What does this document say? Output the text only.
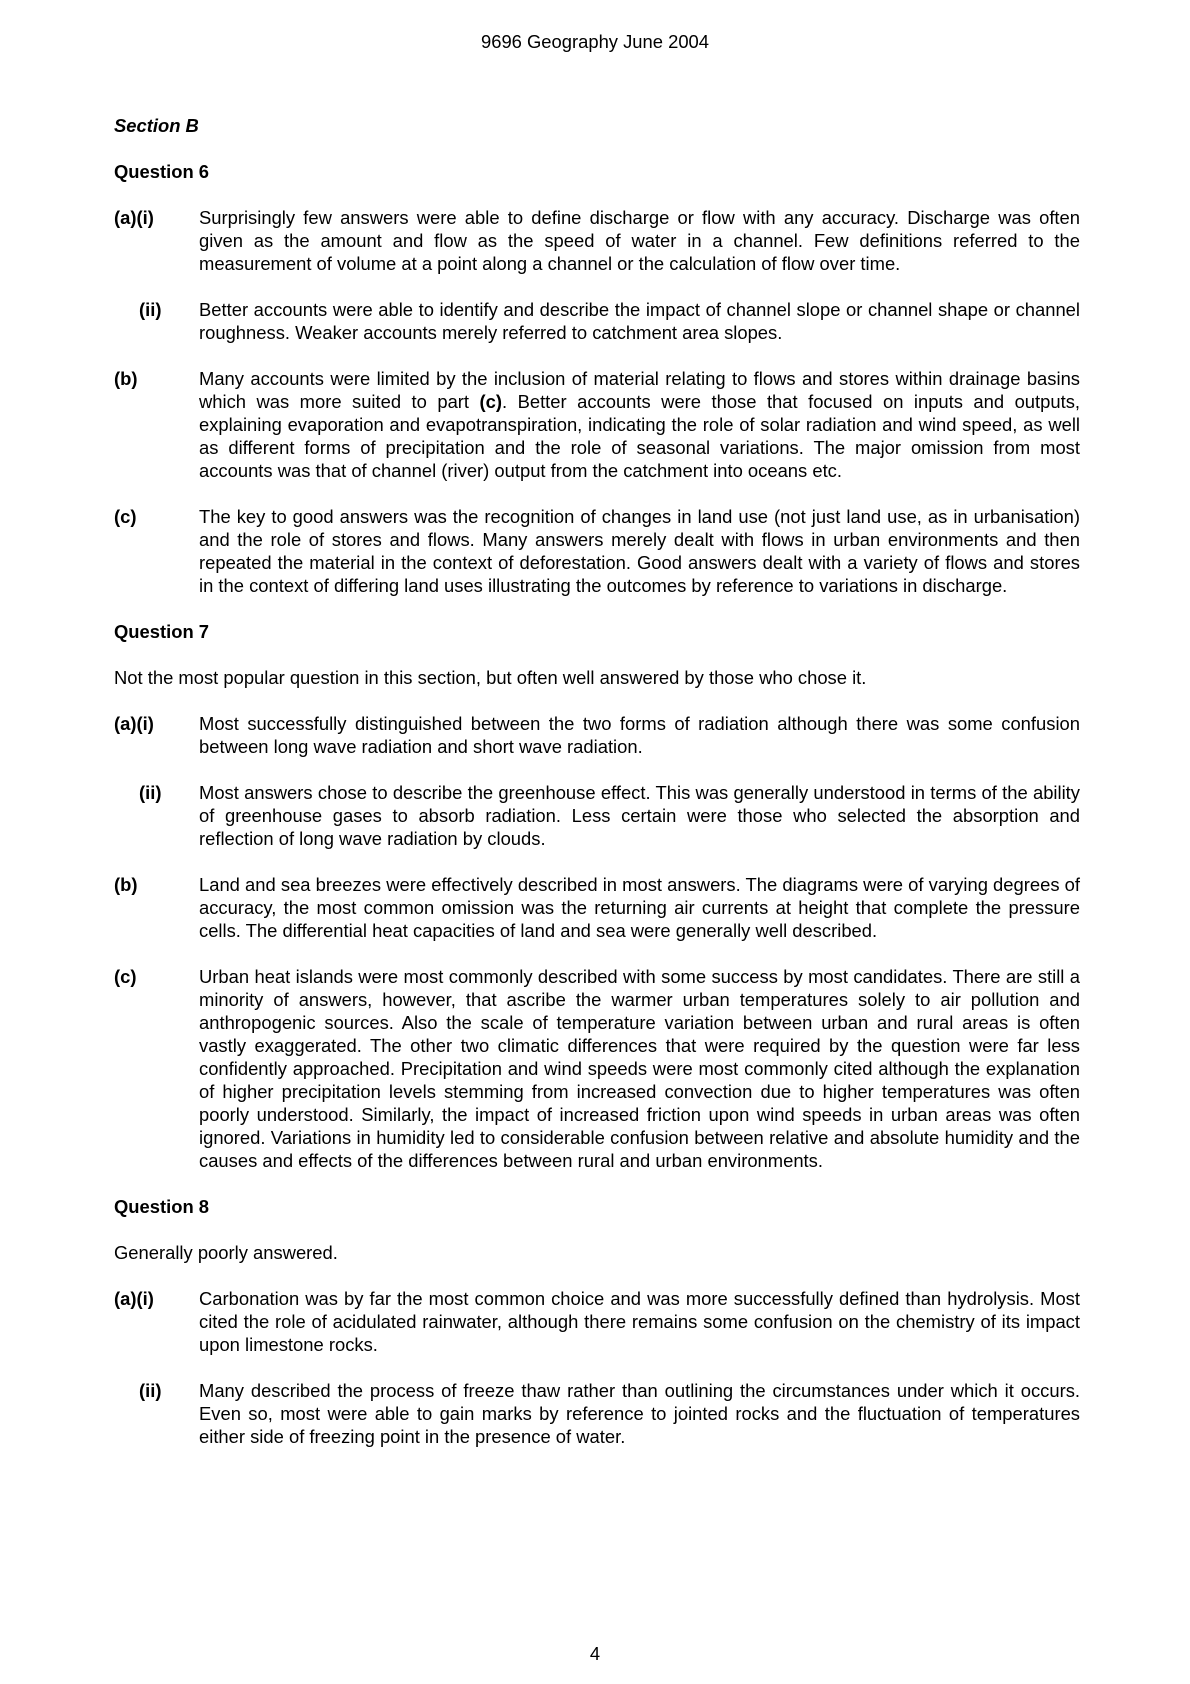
9696 Geography June 2004
Section B
Question 6
(a)(i) Surprisingly few answers were able to define discharge or flow with any accuracy. Discharge was often given as the amount and flow as the speed of water in a channel. Few definitions referred to the measurement of volume at a point along a channel or the calculation of flow over time.
(ii) Better accounts were able to identify and describe the impact of channel slope or channel shape or channel roughness. Weaker accounts merely referred to catchment area slopes.
(b)	Many accounts were limited by the inclusion of material relating to flows and stores within drainage basins which was more suited to part (c). Better accounts were those that focused on inputs and outputs, explaining evaporation and evapotranspiration, indicating the role of solar radiation and wind speed, as well as different forms of precipitation and the role of seasonal variations. The major omission from most accounts was that of channel (river) output from the catchment into oceans etc.
(c)	The key to good answers was the recognition of changes in land use (not just land use, as in urbanisation) and the role of stores and flows. Many answers merely dealt with flows in urban environments and then repeated the material in the context of deforestation. Good answers dealt with a variety of flows and stores in the context of differing land uses illustrating the outcomes by reference to variations in discharge.
Question 7
Not the most popular question in this section, but often well answered by those who chose it.
(a)(i) Most successfully distinguished between the two forms of radiation although there was some confusion between long wave radiation and short wave radiation.
(ii) Most answers chose to describe the greenhouse effect. This was generally understood in terms of the ability of greenhouse gases to absorb radiation. Less certain were those who selected the absorption and reflection of long wave radiation by clouds.
(b)	Land and sea breezes were effectively described in most answers. The diagrams were of varying degrees of accuracy, the most common omission was the returning air currents at height that complete the pressure cells. The differential heat capacities of land and sea were generally well described.
(c)	Urban heat islands were most commonly described with some success by most candidates. There are still a minority of answers, however, that ascribe the warmer urban temperatures solely to air pollution and anthropogenic sources. Also the scale of temperature variation between urban and rural areas is often vastly exaggerated. The other two climatic differences that were required by the question were far less confidently approached. Precipitation and wind speeds were most commonly cited although the explanation of higher precipitation levels stemming from increased convection due to higher temperatures was often poorly understood. Similarly, the impact of increased friction upon wind speeds in urban areas was often ignored. Variations in humidity led to considerable confusion between relative and absolute humidity and the causes and effects of the differences between rural and urban environments.
Question 8
Generally poorly answered.
(a)(i) Carbonation was by far the most common choice and was more successfully defined than hydrolysis. Most cited the role of acidulated rainwater, although there remains some confusion on the chemistry of its impact upon limestone rocks.
(ii) Many described the process of freeze thaw rather than outlining the circumstances under which it occurs. Even so, most were able to gain marks by reference to jointed rocks and the fluctuation of temperatures either side of freezing point in the presence of water.
4
